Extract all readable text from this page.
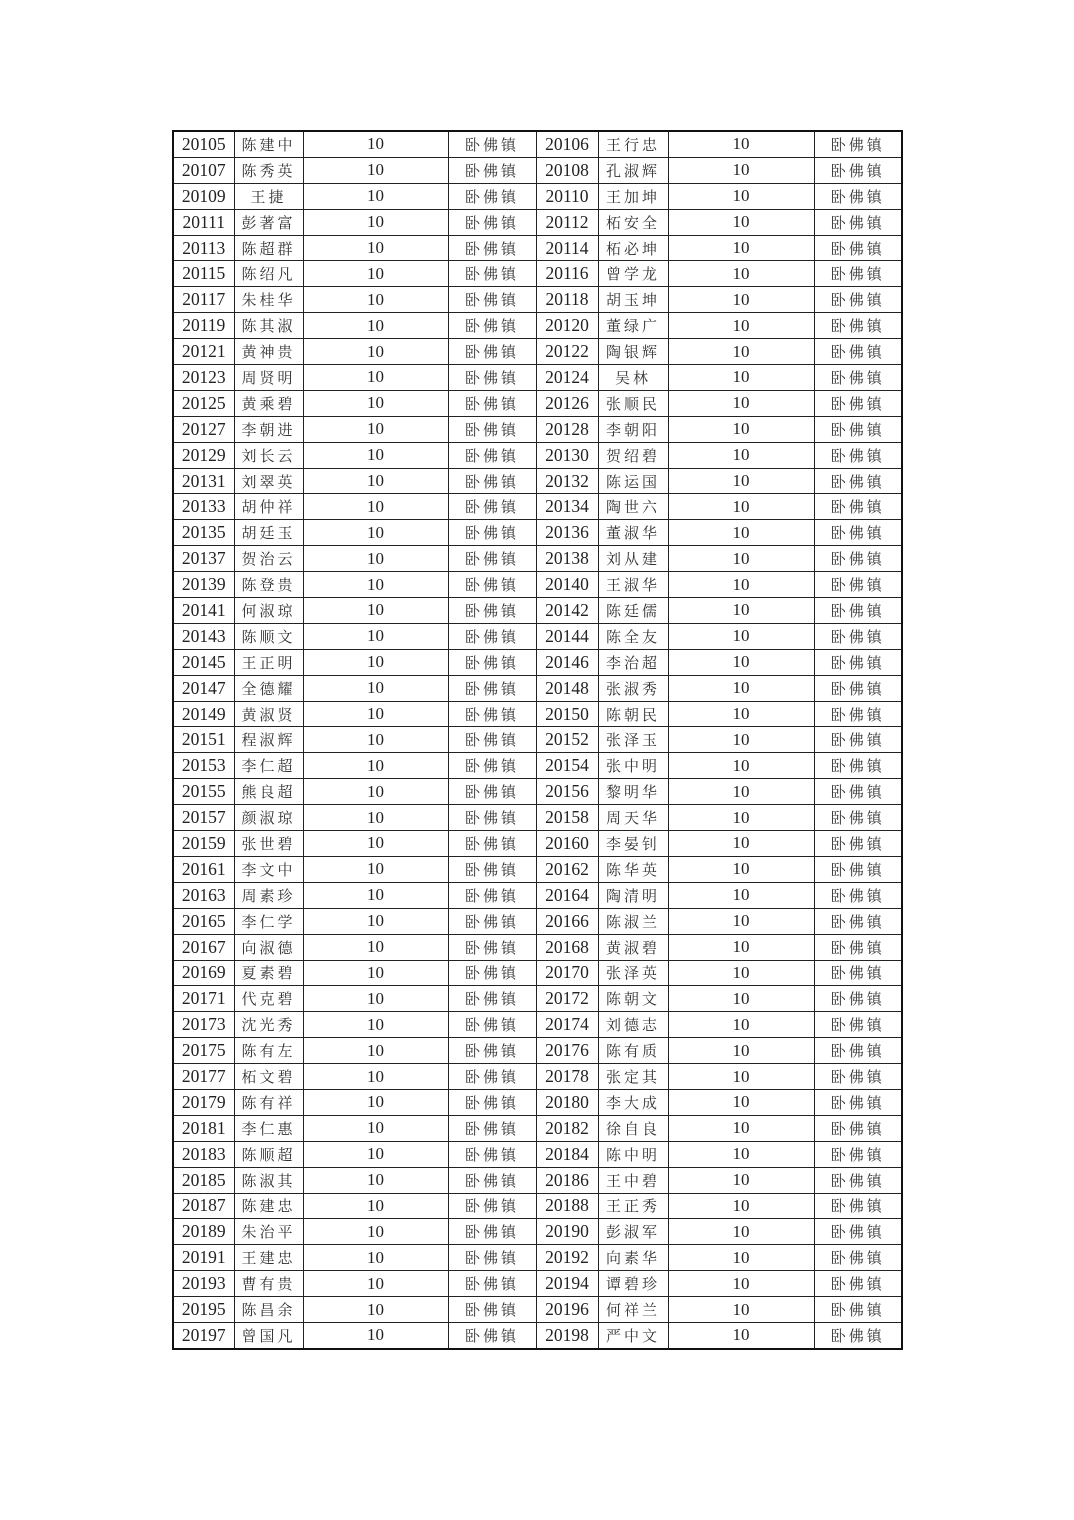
20105	陈建中	10	卧佛镇	20106	王行忠	10	卧佛镇
20107	陈秀英	10	卧佛镇	20108	孔淑辉	10	卧佛镇
20109	王捷	10	卧佛镇	20110	王加坤	10	卧佛镇
20111	彭著富	10	卧佛镇	20112	柘安全	10	卧佛镇
20113	陈超群	10	卧佛镇	20114	柘必坤	10	卧佛镇
20115	陈绍凡	10	卧佛镇	20116	曾学龙	10	卧佛镇
20117	朱桂华	10	卧佛镇	20118	胡玉坤	10	卧佛镇
20119	陈其淑	10	卧佛镇	20120	董绿广	10	卧佛镇
20121	黄神贵	10	卧佛镇	20122	陶银辉	10	卧佛镇
20123	周贤明	10	卧佛镇	20124	吴林	10	卧佛镇
20125	黄乘碧	10	卧佛镇	20126	张顺民	10	卧佛镇
20127	李朝进	10	卧佛镇	20128	李朝阳	10	卧佛镇
20129	刘长云	10	卧佛镇	20130	贺绍碧	10	卧佛镇
20131	刘翠英	10	卧佛镇	20132	陈运国	10	卧佛镇
20133	胡仲祥	10	卧佛镇	20134	陶世六	10	卧佛镇
20135	胡廷玉	10	卧佛镇	20136	董淑华	10	卧佛镇
20137	贺治云	10	卧佛镇	20138	刘从建	10	卧佛镇
20139	陈登贵	10	卧佛镇	20140	王淑华	10	卧佛镇
20141	何淑琼	10	卧佛镇	20142	陈廷儒	10	卧佛镇
20143	陈顺文	10	卧佛镇	20144	陈全友	10	卧佛镇
20145	王正明	10	卧佛镇	20146	李治超	10	卧佛镇
20147	全德耀	10	卧佛镇	20148	张淑秀	10	卧佛镇
20149	黄淑贤	10	卧佛镇	20150	陈朝民	10	卧佛镇
20151	程淑辉	10	卧佛镇	20152	张泽玉	10	卧佛镇
20153	李仁超	10	卧佛镇	20154	张中明	10	卧佛镇
20155	熊良超	10	卧佛镇	20156	黎明华	10	卧佛镇
20157	颜淑琼	10	卧佛镇	20158	周天华	10	卧佛镇
20159	张世碧	10	卧佛镇	20160	李晏钊	10	卧佛镇
20161	李文中	10	卧佛镇	20162	陈华英	10	卧佛镇
20163	周素珍	10	卧佛镇	20164	陶清明	10	卧佛镇
20165	李仁学	10	卧佛镇	20166	陈淑兰	10	卧佛镇
20167	向淑德	10	卧佛镇	20168	黄淑碧	10	卧佛镇
20169	夏素碧	10	卧佛镇	20170	张泽英	10	卧佛镇
20171	代克碧	10	卧佛镇	20172	陈朝文	10	卧佛镇
20173	沈光秀	10	卧佛镇	20174	刘德志	10	卧佛镇
20175	陈有左	10	卧佛镇	20176	陈有质	10	卧佛镇
20177	柘文碧	10	卧佛镇	20178	张定其	10	卧佛镇
20179	陈有祥	10	卧佛镇	20180	李大成	10	卧佛镇
20181	李仁惠	10	卧佛镇	20182	徐自良	10	卧佛镇
20183	陈顺超	10	卧佛镇	20184	陈中明	10	卧佛镇
20185	陈淑其	10	卧佛镇	20186	王中碧	10	卧佛镇
20187	陈建忠	10	卧佛镇	20188	王正秀	10	卧佛镇
20189	朱治平	10	卧佛镇	20190	彭淑军	10	卧佛镇
20191	王建忠	10	卧佛镇	20192	向素华	10	卧佛镇
20193	曹有贵	10	卧佛镇	20194	谭碧珍	10	卧佛镇
20195	陈昌余	10	卧佛镇	20196	何祥兰	10	卧佛镇
20197	曾国凡	10	卧佛镇	20198	严中文	10	卧佛镇
